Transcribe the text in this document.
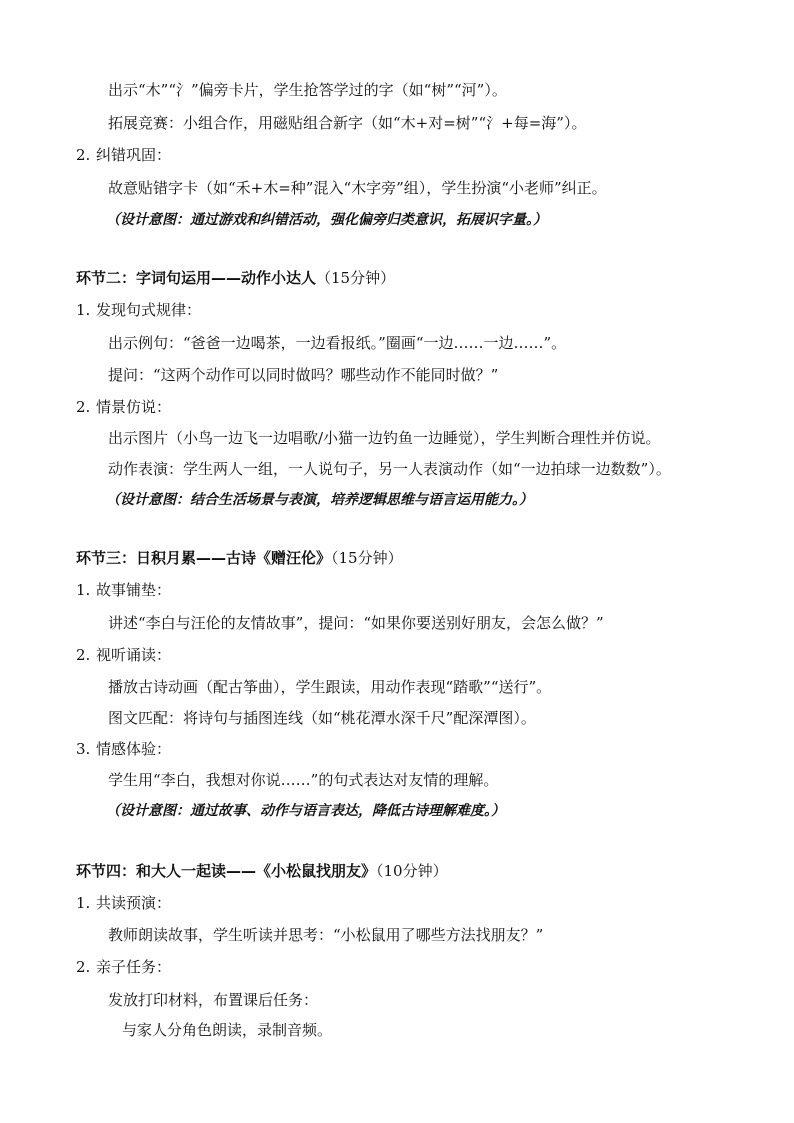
出示“木”“氵”偏旁卡片，学生抢答学过的字（如“树”“河”）。
拓展竞赛：小组合作，用磁贴组合新字（如“木+对=树”“氵+每=海”）。
2. 纠错巩固：
故意贴错字卡（如“禾+木=种”混入“木字旁”组），学生扮演“小老师”纠正。
（设计意图：通过游戏和纠错活动，强化偏旁归类意识，拓展识字量。）
环节二：字词句运用——动作小达人（15分钟）
1. 发现句式规律：
出示例句：“爸爸一边喝茶，一边看报纸。”圈画“一边……一边……”。
提问：“这两个动作可以同时做吗？哪些动作不能同时做？”
2. 情景仿说：
出示图片（小鸟一边飞一边唱歌/小猫一边钓鱼一边睡觉），学生判断合理性并仿说。
动作表演：学生两人一组，一人说句子，另一人表演动作（如“一边拍球一边数数”）。
（设计意图：结合生活场景与表演，培养逻辑思维与语言运用能力。）
环节三：日积月累——古诗《赠汪伦》（15分钟）
1. 故事铺垫：
讲述“李白与汪伦的友情故事”，提问：“如果你要送别好朋友，会怎么做？”
2. 视听诵读：
播放古诗动画（配古筝曲），学生跟读，用动作表现“踏歌”“送行”。
图文匹配：将诗句与插图连线（如“桃花潭水深千尺”配深潭图）。
3. 情感体验：
学生用“李白，我想对你说……”的句式表达对友情的理解。
（设计意图：通过故事、动作与语言表达，降低古诗理解难度。）
环节四：和大人一起读——《小松鼠找朋友》（10分钟）
1. 共读预演：
教师朗读故事，学生听读并思考：“小松鼠用了哪些方法找朋友？”
2. 亲子任务：
发放打印材料，布置课后任务：
与家人分角色朗读，录制音频。
